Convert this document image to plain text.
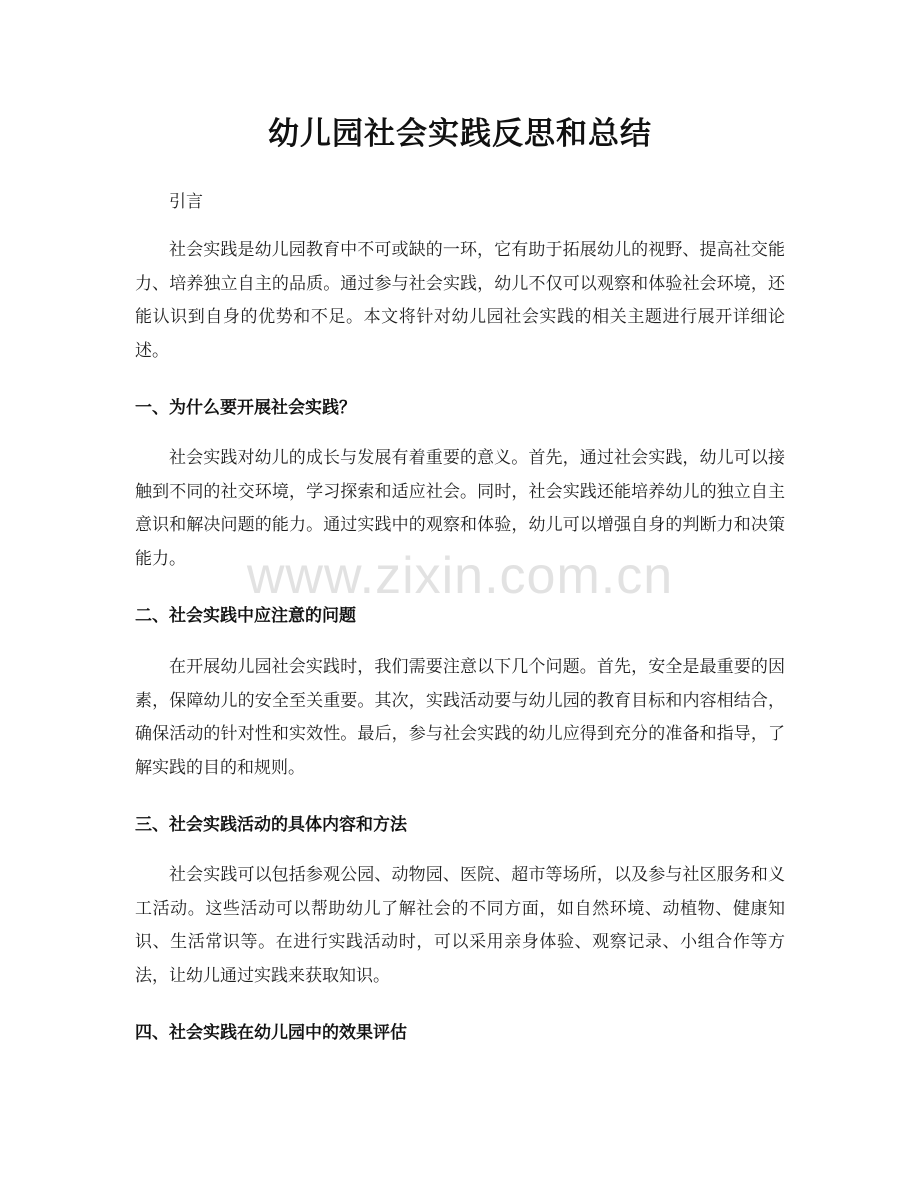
幼儿园社会实践反思和总结

引言

社会实践是幼儿园教育中不可或缺的一环，它有助于拓展幼儿的视野、提高社交能力、培养独立自主的品质。通过参与社会实践，幼儿不仅可以观察和体验社会环境，还能认识到自身的优势和不足。本文将针对幼儿园社会实践的相关主题进行展开详细论述。

一、为什么要开展社会实践？

社会实践对幼儿的成长与发展有着重要的意义。首先，通过社会实践，幼儿可以接触到不同的社交环境，学习探索和适应社会。同时，社会实践还能培养幼儿的独立自主意识和解决问题的能力。通过实践中的观察和体验，幼儿可以增强自身的判断力和决策能力。

二、社会实践中应注意的问题

在开展幼儿园社会实践时，我们需要注意以下几个问题。首先，安全是最重要的因素，保障幼儿的安全至关重要。其次，实践活动要与幼儿园的教育目标和内容相结合，确保活动的针对性和实效性。最后，参与社会实践的幼儿应得到充分的准备和指导，了解实践的目的和规则。

三、社会实践活动的具体内容和方法

社会实践可以包括参观公园、动物园、医院、超市等场所，以及参与社区服务和义工活动。这些活动可以帮助幼儿了解社会的不同方面，如自然环境、动植物、健康知识、生活常识等。在进行实践活动时，可以采用亲身体验、观察记录、小组合作等方法，让幼儿通过实践来获取知识。

四、社会实践在幼儿园中的效果评估
www.zixin.com.cn
